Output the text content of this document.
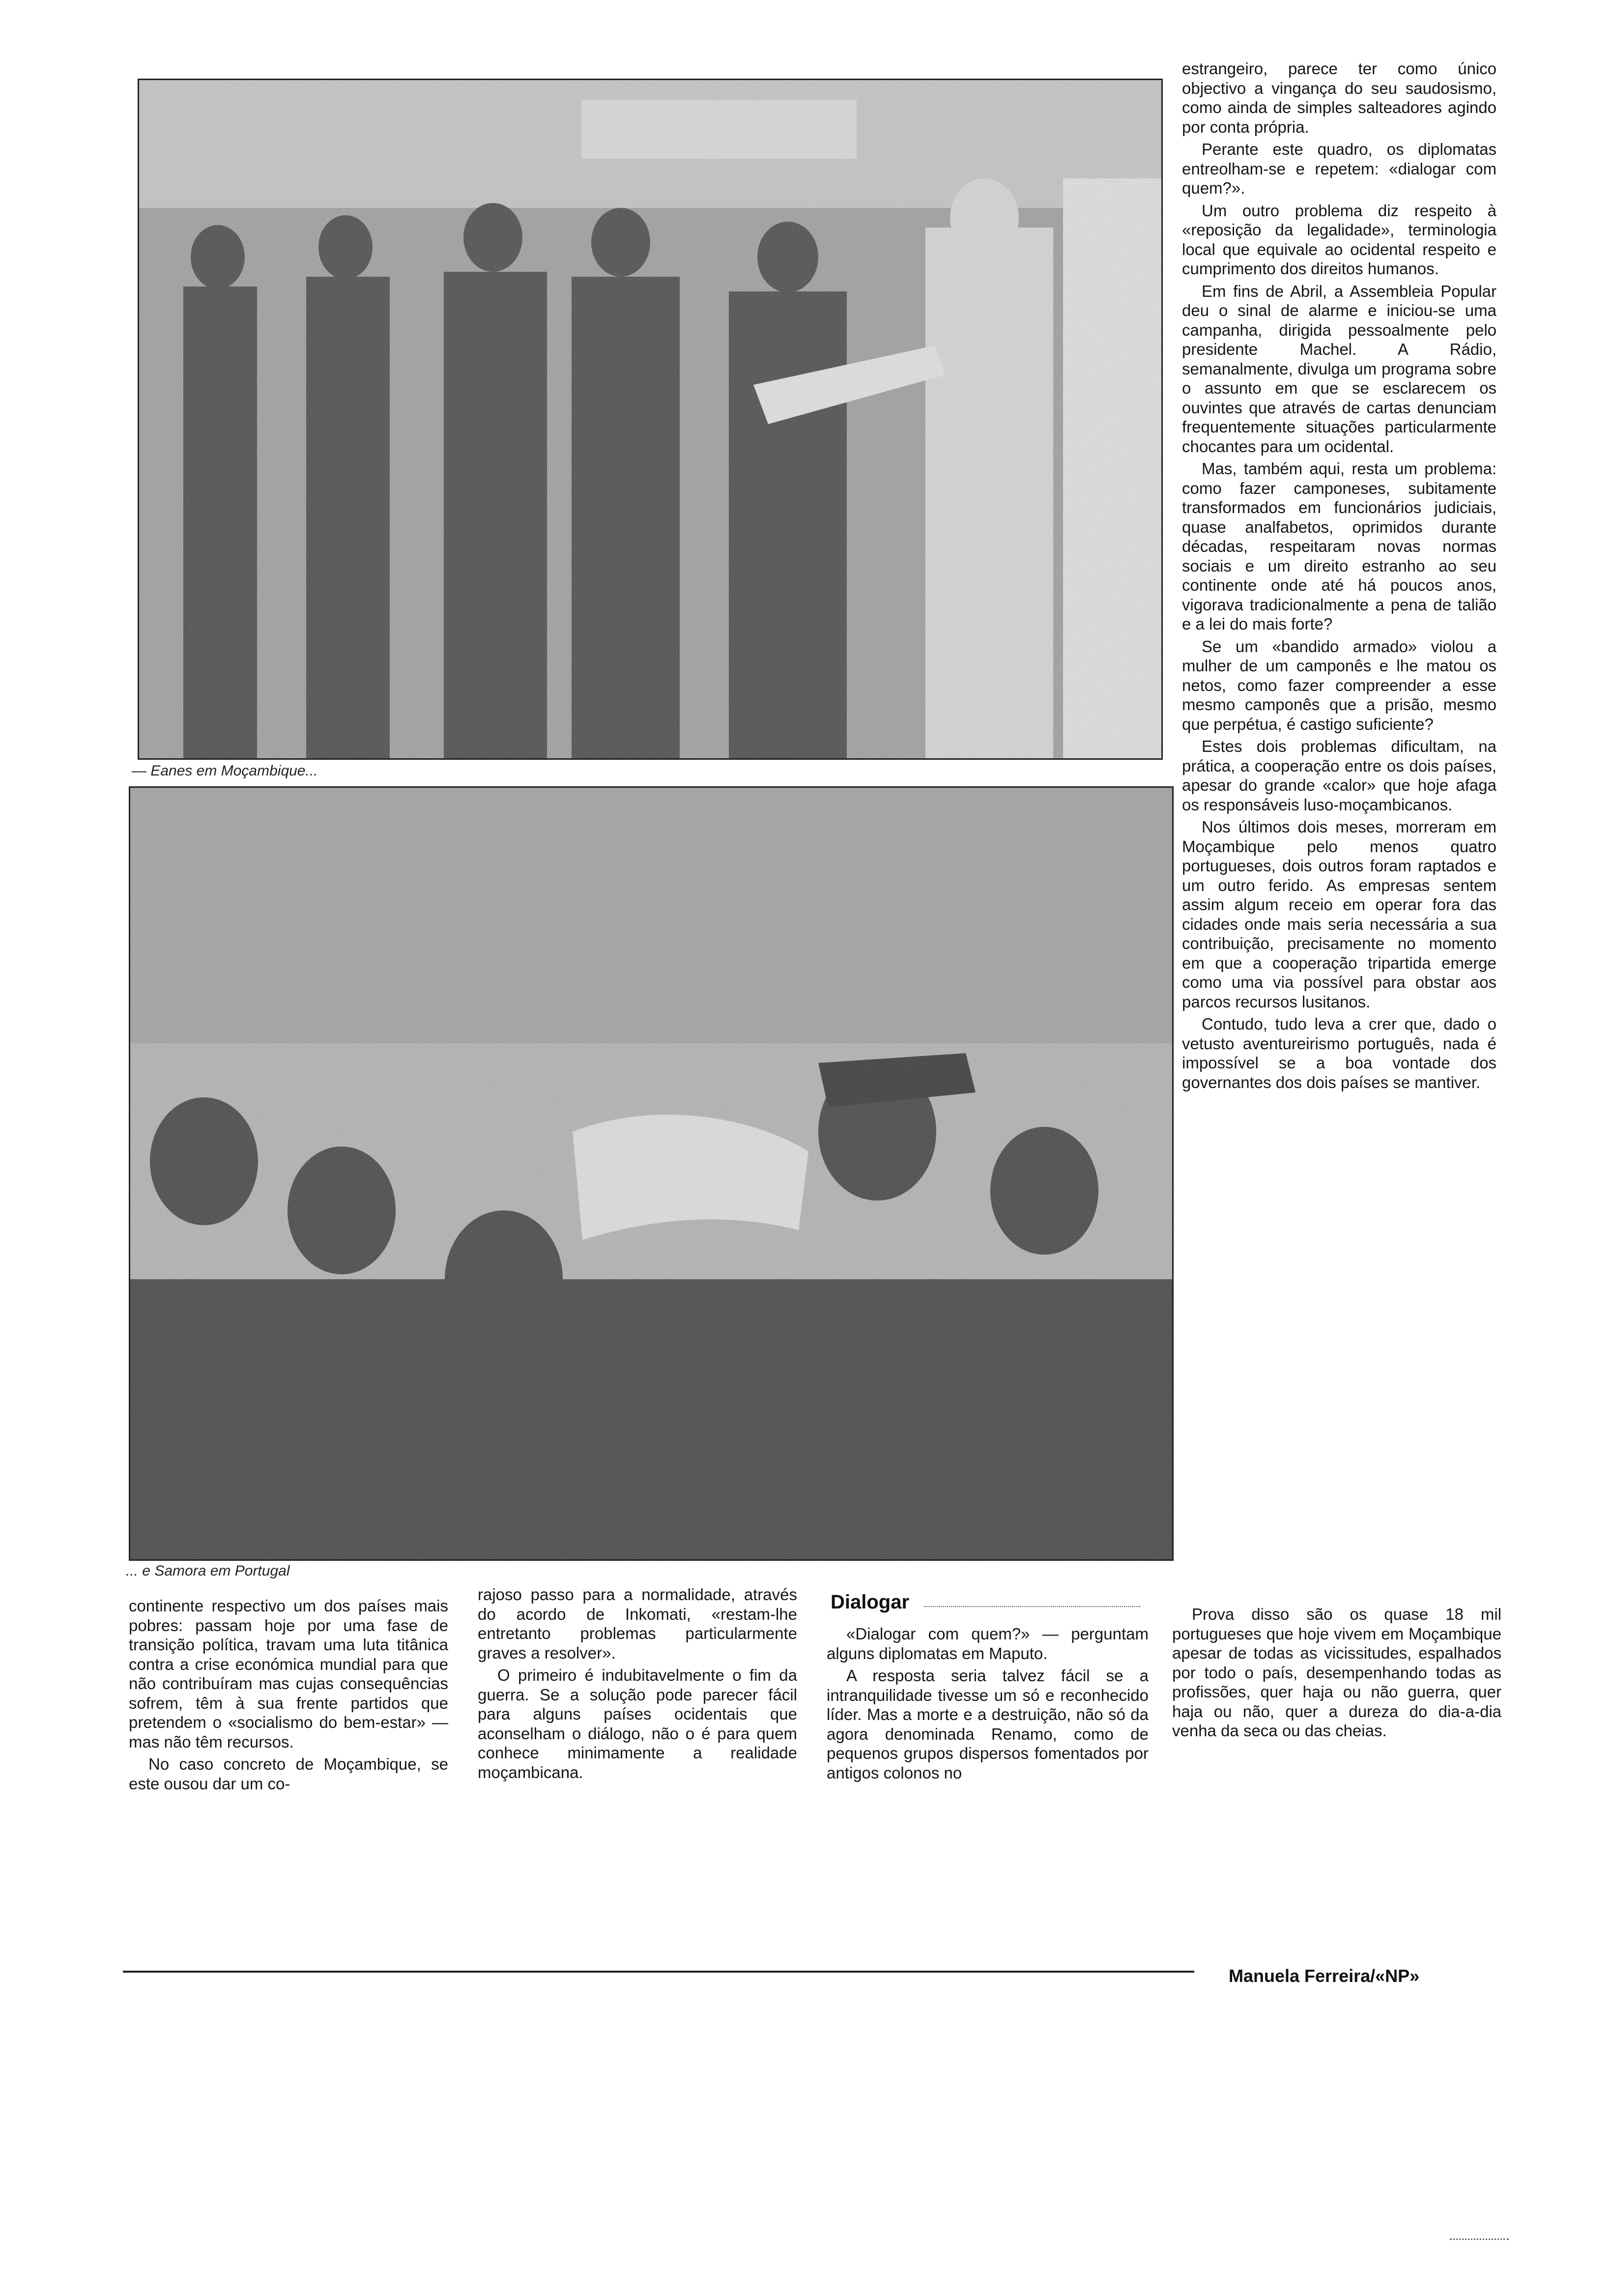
— Eanes em Moçambique...
... e Samora em Portugal

estrangeiro, parece ter como único objectivo a vingança do seu saudosismo, como ainda de simples salteadores agindo por conta própria.

Perante este quadro, os diplomatas entreolham-se e repetem: «dialogar com quem?».

Um outro problema diz respeito à «reposição da legalidade», terminologia local que equivale ao ocidental respeito e cumprimento dos direitos humanos.

Em fins de Abril, a Assembleia Popular deu o sinal de alarme e iniciou-se uma campanha, dirigida pessoalmente pelo presidente Machel. A Rádio, semanalmente, divulga um programa sobre o assunto em que se esclarecem os ouvintes que através de cartas denunciam frequentemente situações particularmente chocantes para um ocidental.

Mas, também aqui, resta um problema: como fazer camponeses, subitamente transformados em funcionários judiciais, quase analfabetos, oprimidos durante décadas, respeitaram novas normas sociais e um direito estranho ao seu continente onde até há poucos anos, vigorava tradicionalmente a pena de talião e a lei do mais forte?

Se um «bandido armado» violou a mulher de um camponês e lhe matou os netos, como fazer compreender a esse mesmo camponês que a prisão, mesmo que perpétua, é castigo suficiente?

Estes dois problemas dificultam, na prática, a cooperação entre os dois países, apesar do grande «calor» que hoje afaga os responsáveis luso-moçambicanos.

Nos últimos dois meses, morreram em Moçambique pelo menos quatro portugueses, dois outros foram raptados e um outro ferido. As empresas sentem assim algum receio em operar fora das cidades onde mais seria necessária a sua contribuição, precisamente no momento em que a cooperação tripartida emerge como uma via possível para obstar aos parcos recursos lusitanos.

Contudo, tudo leva a crer que, dado o vetusto aventureirismo português, nada é impossível se a boa vontade dos governantes dos dois países se mantiver.

continente respectivo um dos países mais pobres: passam hoje por uma fase de transição política, travam uma luta titânica contra a crise económica mundial para que não contribuíram mas cujas consequências sofrem, têm à sua frente partidos que pretendem o «socialismo do bem-estar» — mas não têm recursos.

No caso concreto de Moçambique, se este ousou dar um co-

rajoso passo para a normalidade, através do acordo de Inkomati, «restam-lhe entretanto problemas particularmente graves a resolver».

O primeiro é indubitavelmente o fim da guerra. Se a solução pode parecer fácil para alguns países ocidentais que aconselham o diálogo, não o é para quem conhece minimamente a realidade moçambicana.

Dialogar

«Dialogar com quem?» — perguntam alguns diplomatas em Maputo.

A resposta seria talvez fácil se a intranquilidade tivesse um só e reconhecido líder. Mas a morte e a destruição, não só da agora denominada Renamo, como de pequenos grupos dispersos fomentados por antigos colonos no

Prova disso são os quase 18 mil portugueses que hoje vivem em Moçambique apesar de todas as vicissitudes, espalhados por todo o país, desempenhando todas as profissões, quer haja ou não guerra, quer haja ou não, quer a dureza do dia-a-dia venha da seca ou das cheias.

Manuela Ferreira/«NP»
